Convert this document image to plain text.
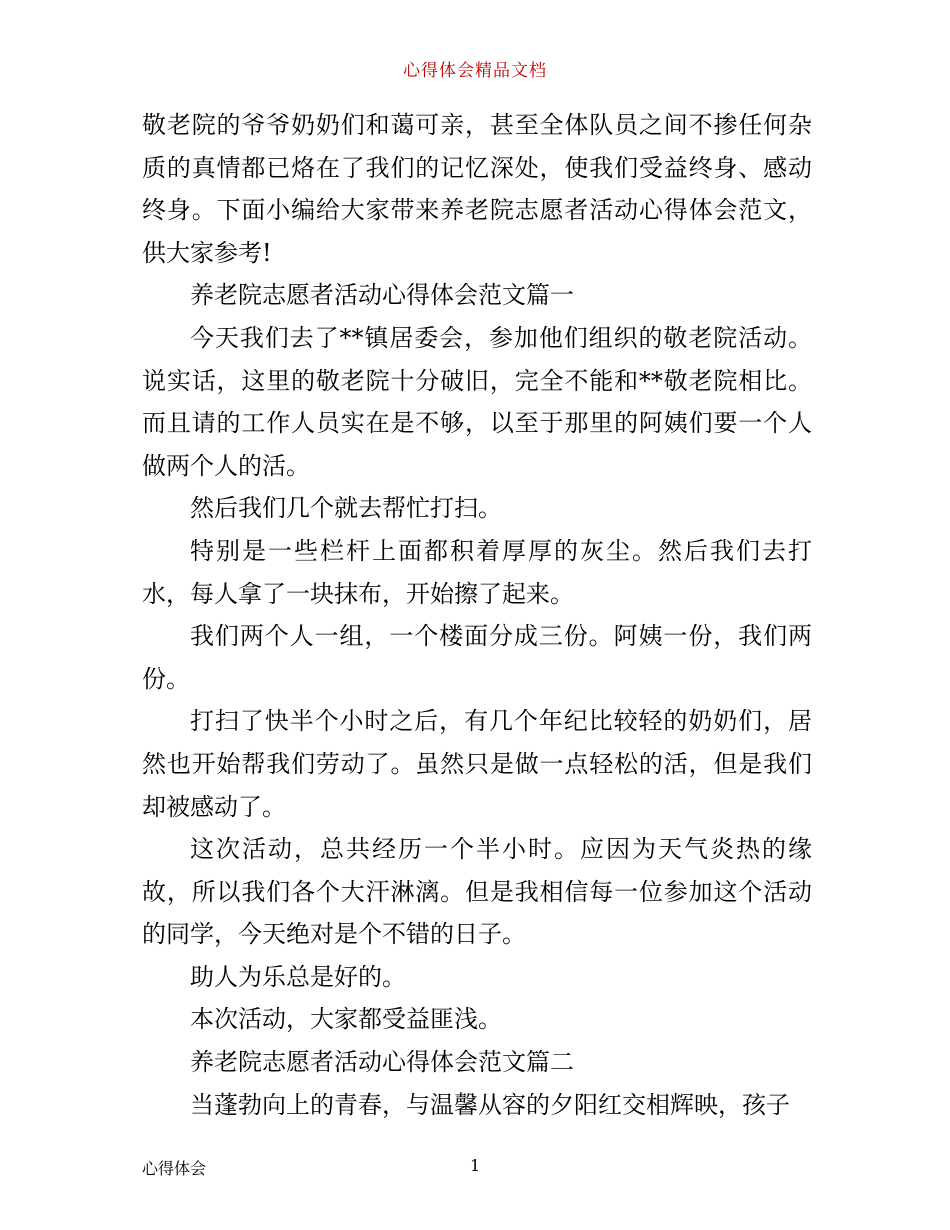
心得体会精品文档

敬老院的爷爷奶奶们和蔼可亲，甚至全体队员之间不掺任何杂质的真情都已烙在了我们的记忆深处，使我们受益终身、感动终身。下面小编给大家带来养老院志愿者活动心得体会范文，供大家参考!

养老院志愿者活动心得体会范文篇一

今天我们去了**镇居委会，参加他们组织的敬老院活动。说实话，这里的敬老院十分破旧，完全不能和**敬老院相比。而且请的工作人员实在是不够，以至于那里的阿姨们要一个人做两个人的活。

然后我们几个就去帮忙打扫。

特别是一些栏杆上面都积着厚厚的灰尘。然后我们去打水，每人拿了一块抹布，开始擦了起来。

我们两个人一组，一个楼面分成三份。阿姨一份，我们两份。

打扫了快半个小时之后，有几个年纪比较轻的奶奶们，居然也开始帮我们劳动了。虽然只是做一点轻松的活，但是我们却被感动了。

这次活动，总共经历一个半小时。应因为天气炎热的缘故，所以我们各个大汗淋漓。但是我相信每一位参加这个活动的同学，今天绝对是个不错的日子。

助人为乐总是好的。

本次活动，大家都受益匪浅。

养老院志愿者活动心得体会范文篇二

当蓬勃向上的青春，与温馨从容的夕阳红交相辉映，孩子

心得体会	1
